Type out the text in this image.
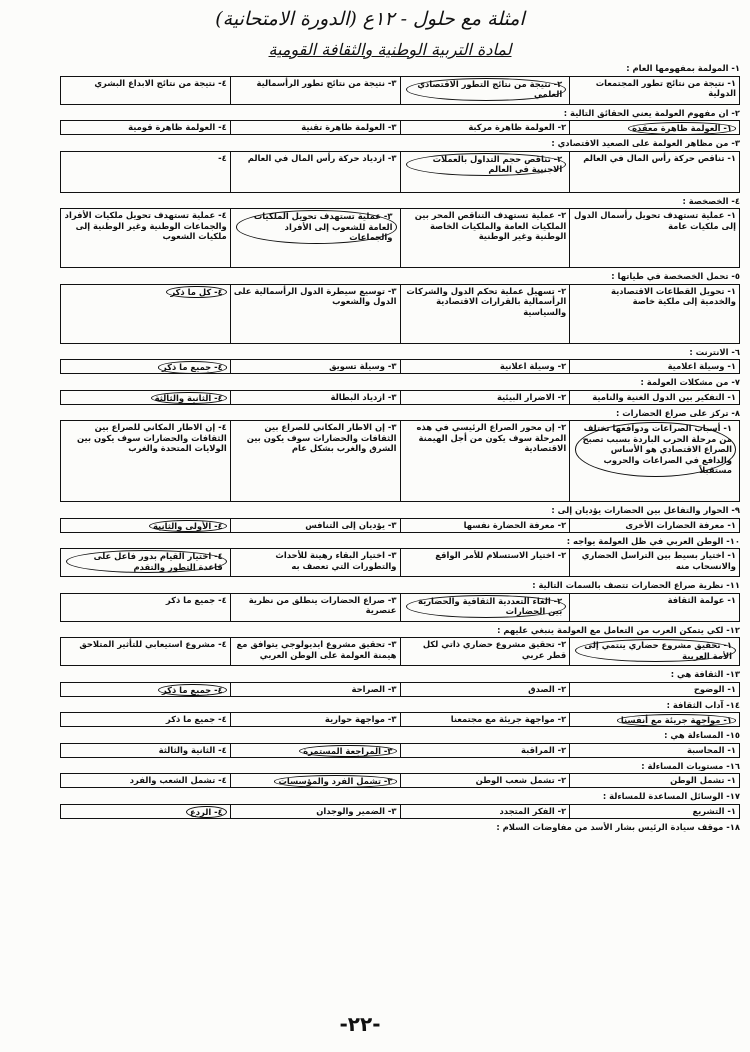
امثلة مع حلول - ١٢ع (الدورة الامتحانية)
لمادة التربية الوطنية والثقافة القومية
١- المولمة بمفهومها العام :
١- نتيجة من نتائج تطور المجتمعات الدولية
٢- نتيجة من نتائج التطور الاقتصادي العلمي
٣- نتيجة من نتائج تطور الرأسمالية
٤- نتيجة من نتائج الابداع البشري
٢- ان مفهوم العولمة يعني الحقائق التالية :
١- العولمة ظاهرة معقدة
٢- العولمة ظاهرة مركبة
٣- العولمة ظاهرة تقنية
٤- العولمة ظاهرة قومية
٣- من مظاهر العولمة على الصعيد الاقتصادي :
١- تناقص حركة رأس المال في العالم
٢- تناقص حجم التداول بالعملات الاجنبية في العالم
٣- ازدياد حركة رأس المال في العالم
٤-
٤- الخصخصة :
١- عملية تستهدف تحويل رأسمال الدول إلى ملكيات عامة
٢- عملية تستهدف التناقص المحر بين الملكيات العامة والملكيات الخاصة الوطنية وغير الوطنية
٣- عملية تستهدف تحويل الملكيات العامة للشعوب إلى الأفراد والجماعات
٤- عملية تستهدف تحويل ملكيات الأفراد والجماعات الوطنية وغير الوطنية إلى ملكيات الشعوب
٥- تحمل الخصخصة في طياتها :
١- تحويل القطاعات الاقتصادية والخدمية إلى ملكية خاصة
٢- تسهيل عملية تحكم الدول والشركات الرأسمالية بالقرارات الاقتصادية والسياسية
٣- توسيع سيطرة الدول الرأسمالية على الدول والشعوب
٤- كل ما ذكر
٦- الانترنت :
١- وسيلة اعلامية
٢- وسيلة اعلانية
٣- وسيلة تسويق
٤- جميع ما ذكر
٧- من مشكلات العولمة :
١- التفكير بين الدول الغنية والنامية
٢- الاضرار البيئية
٣- ازدياد البطالة
٤- الثانية والثالثة
٨- تركز على صراع الحضارات :
١- أسباب الصراعات ودوافعها تختلف من مرحلة الحرب الباردة بسبب تصبح الصراع الاقتصادي هو الأساس والدافع في الصراعات والحروب مستقبلاً
٢- إن محور الصراع الرئيسي في هذه المرحلة سوف يكون من أجل الهيمنة الاقتصادية
٣- إن الاطار المكاني للصراع بين الثقافات والحضارات سوف يكون بين الشرق والغرب بشكل عام
٤- إن الاطار المكاني للصراع بين الثقافات والحضارات سوف يكون بين الولايات المتحدة والغرب
٩- الحوار والتفاعل بين الحضارات يؤديان إلى :
١- معرفة الحضارات الأخرى
٢- معرفة الحضارة نفسها
٣- يؤديان إلى التنافس
٤- الأولى والثانية
١٠- الوطن العربي في ظل العولمة يواجه :
١- اختيار بسيط بين التراسل الحضاري والانسحاب منه
٢- اختيار الاستسلام للأمر الواقع
٣- اختيار البقاء رهينة للأحداث والتطورات التي تعصف به
٤- اختيار القيام بدور فاعل على قاعدة التطور والتقدم
١١- نظرية صراع الحضارات تتصف بالسمات التالية :
١- عولمة الثقافة
٢- الغاء التعددية الثقافية والحضارية بين الحضارات
٣- صراع الحضارات ينطلق من نظرية عنصرية
٤- جميع ما ذكر
١٢- لكي يتمكن العرب من التعامل مع العولمة ينبغي عليهم :
١- تحقيق مشروع حضاري ينتمي إلى الأمة العربية
٢- تحقيق مشروع حضاري ذاتي لكل قطر عربي
٣- تحقيق مشروع ايديولوجي يتوافق مع هيمنة العولمة على الوطن العربي
٤- مشروع استيعابي للتأثير المتلاحق
١٣- الثقافة هي :
١- الوضوح
٢- الصدق
٣- الصراحة
٤- جميع ما ذكر
١٤- آداب الثقافة :
١- مواجهة جريئة مع أنفسنا
٢- مواجهة جريئة مع مجتمعنا
٣- مواجهة حوارية
٤- جميع ما ذكر
١٥- المساءلة هي :
١- المحاسبة
٢- المراقبة
٣- المراجعة المستمرة
٤- الثانية والثالثة
١٦- مستويات المساءلة :
١- تشمل الوطن
٢- تشمل شعب الوطن
٣- تشمل الفرد والمؤسسات
٤- تشمل الشعب والفرد
١٧- الوسائل المساعدة للمساءلة :
١- التشريع
٢- الفكر المتجدد
٣- الضمير والوجدان
٤- الردع
١٨- موقف سيادة الرئيس بشار الأسد من مفاوضات السلام :
-٢٢-
